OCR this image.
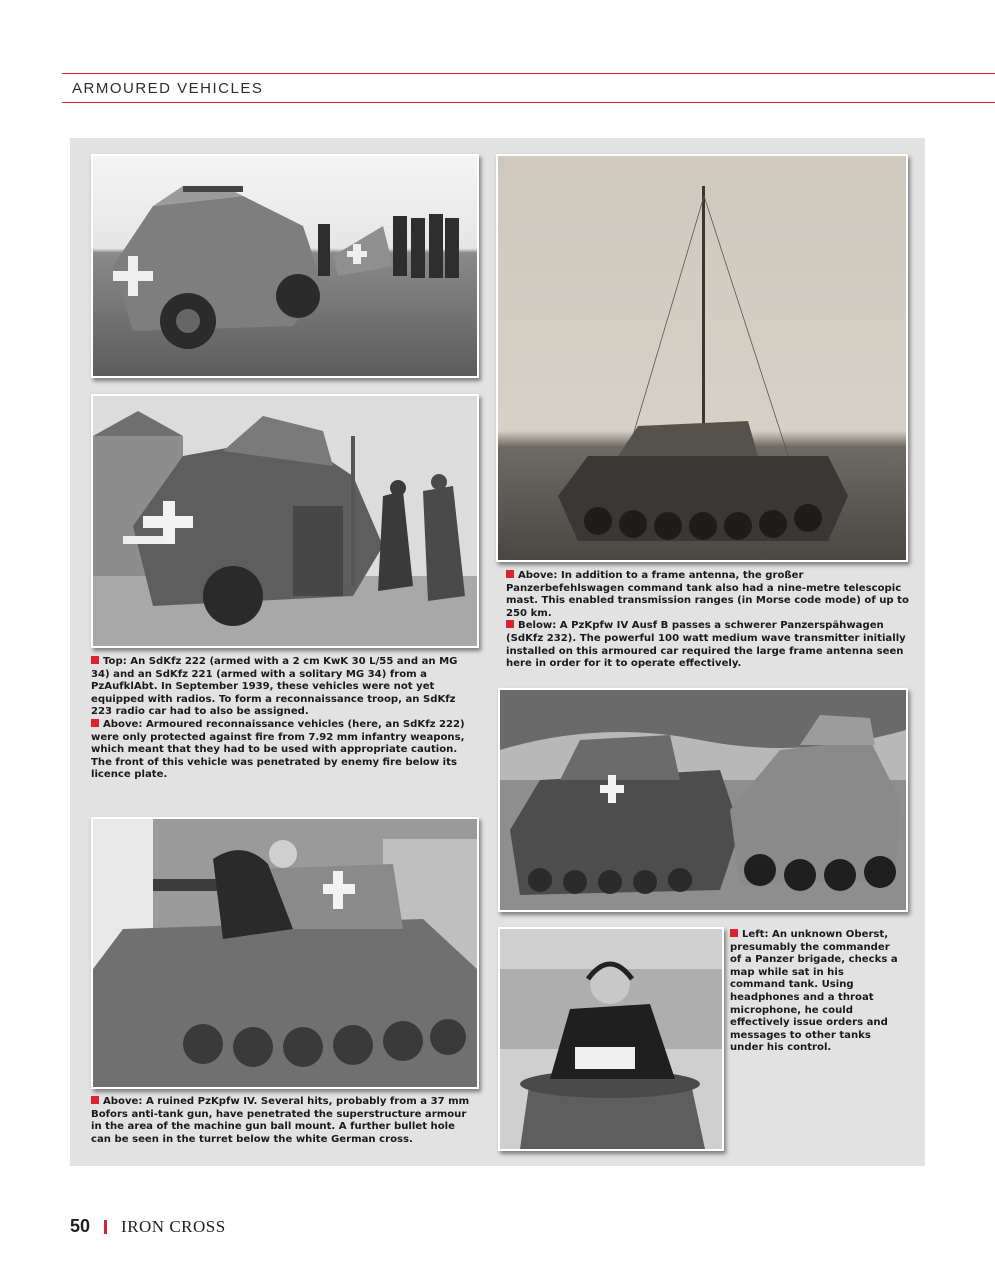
ARMOURED VEHICLES

Top: An SdKfz 222 (armed with a 2 cm KwK 30 L/55 and an MG 34) and an SdKfz 221 (armed with a solitary MG 34) from a PzAufklAbt. In September 1939, these vehicles were not yet equipped with radios. To form a reconnaissance troop, an SdKfz 223 radio car had to also be assigned.

Above: Armoured reconnaissance vehicles (here, an SdKfz 222) were only protected against fire from 7.92 mm infantry weapons, which meant that they had to be used with appropriate caution. The front of this vehicle was penetrated by enemy fire below its licence plate.

Above: In addition to a frame antenna, the großer Panzerbefehlswagen command tank also had a nine-metre telescopic mast. This enabled transmission ranges (in Morse code mode) of up to 250 km.

Below: A PzKpfw IV Ausf B passes a schwerer Panzerspähwagen (SdKfz 232). The powerful 100 watt medium wave transmitter initially installed on this armoured car required the large frame antenna seen here in order for it to operate effectively.

Above: A ruined PzKpfw IV. Several hits, probably from a 37 mm Bofors anti-tank gun, have penetrated the superstructure armour in the area of the machine gun ball mount. A further bullet hole can be seen in the turret below the white German cross.

Left: An unknown Oberst, presumably the commander of a Panzer brigade, checks a map while sat in his command tank. Using headphones and a throat microphone, he could effectively issue orders and messages to other tanks under his control.

50 IRON CROSS
